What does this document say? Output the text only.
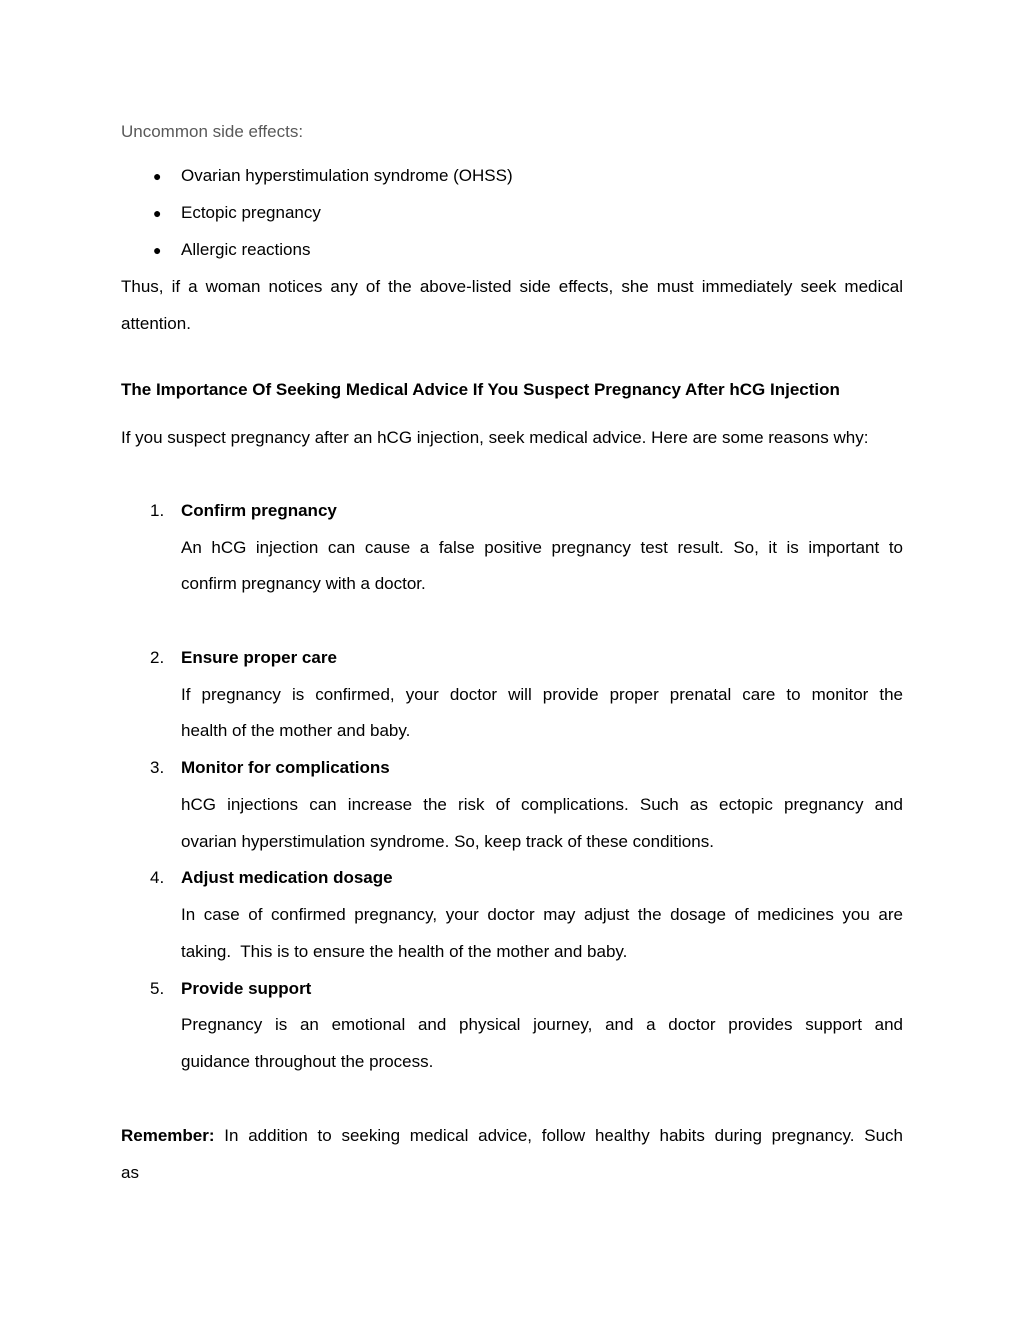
Uncommon side effects:
● Ovarian hyperstimulation syndrome (OHSS)
● Ectopic pregnancy
● Allergic reactions
Thus, if a woman notices any of the above-listed side effects, she must immediately seek medical
attention.
The Importance Of Seeking Medical Advice If You Suspect Pregnancy After hCG Injection
If you suspect pregnancy after an hCG injection, seek medical advice. Here are some reasons why:
1. Confirm pregnancy
An hCG injection can cause a false positive pregnancy test result. So, it is important to
confirm pregnancy with a doctor.
2. Ensure proper care
If pregnancy is confirmed, your doctor will provide proper prenatal care to monitor the
health of the mother and baby.
3. Monitor for complications
hCG injections can increase the risk of complications. Such as ectopic pregnancy and
ovarian hyperstimulation syndrome. So, keep track of these conditions.
4. Adjust medication dosage
In case of confirmed pregnancy, your doctor may adjust the dosage of medicines you are
taking.  This is to ensure the health of the mother and baby.
5. Provide support
Pregnancy is an emotional and physical journey, and a doctor provides support and
guidance throughout the process.
Remember: In addition to seeking medical advice, follow healthy habits during pregnancy. Such
as
